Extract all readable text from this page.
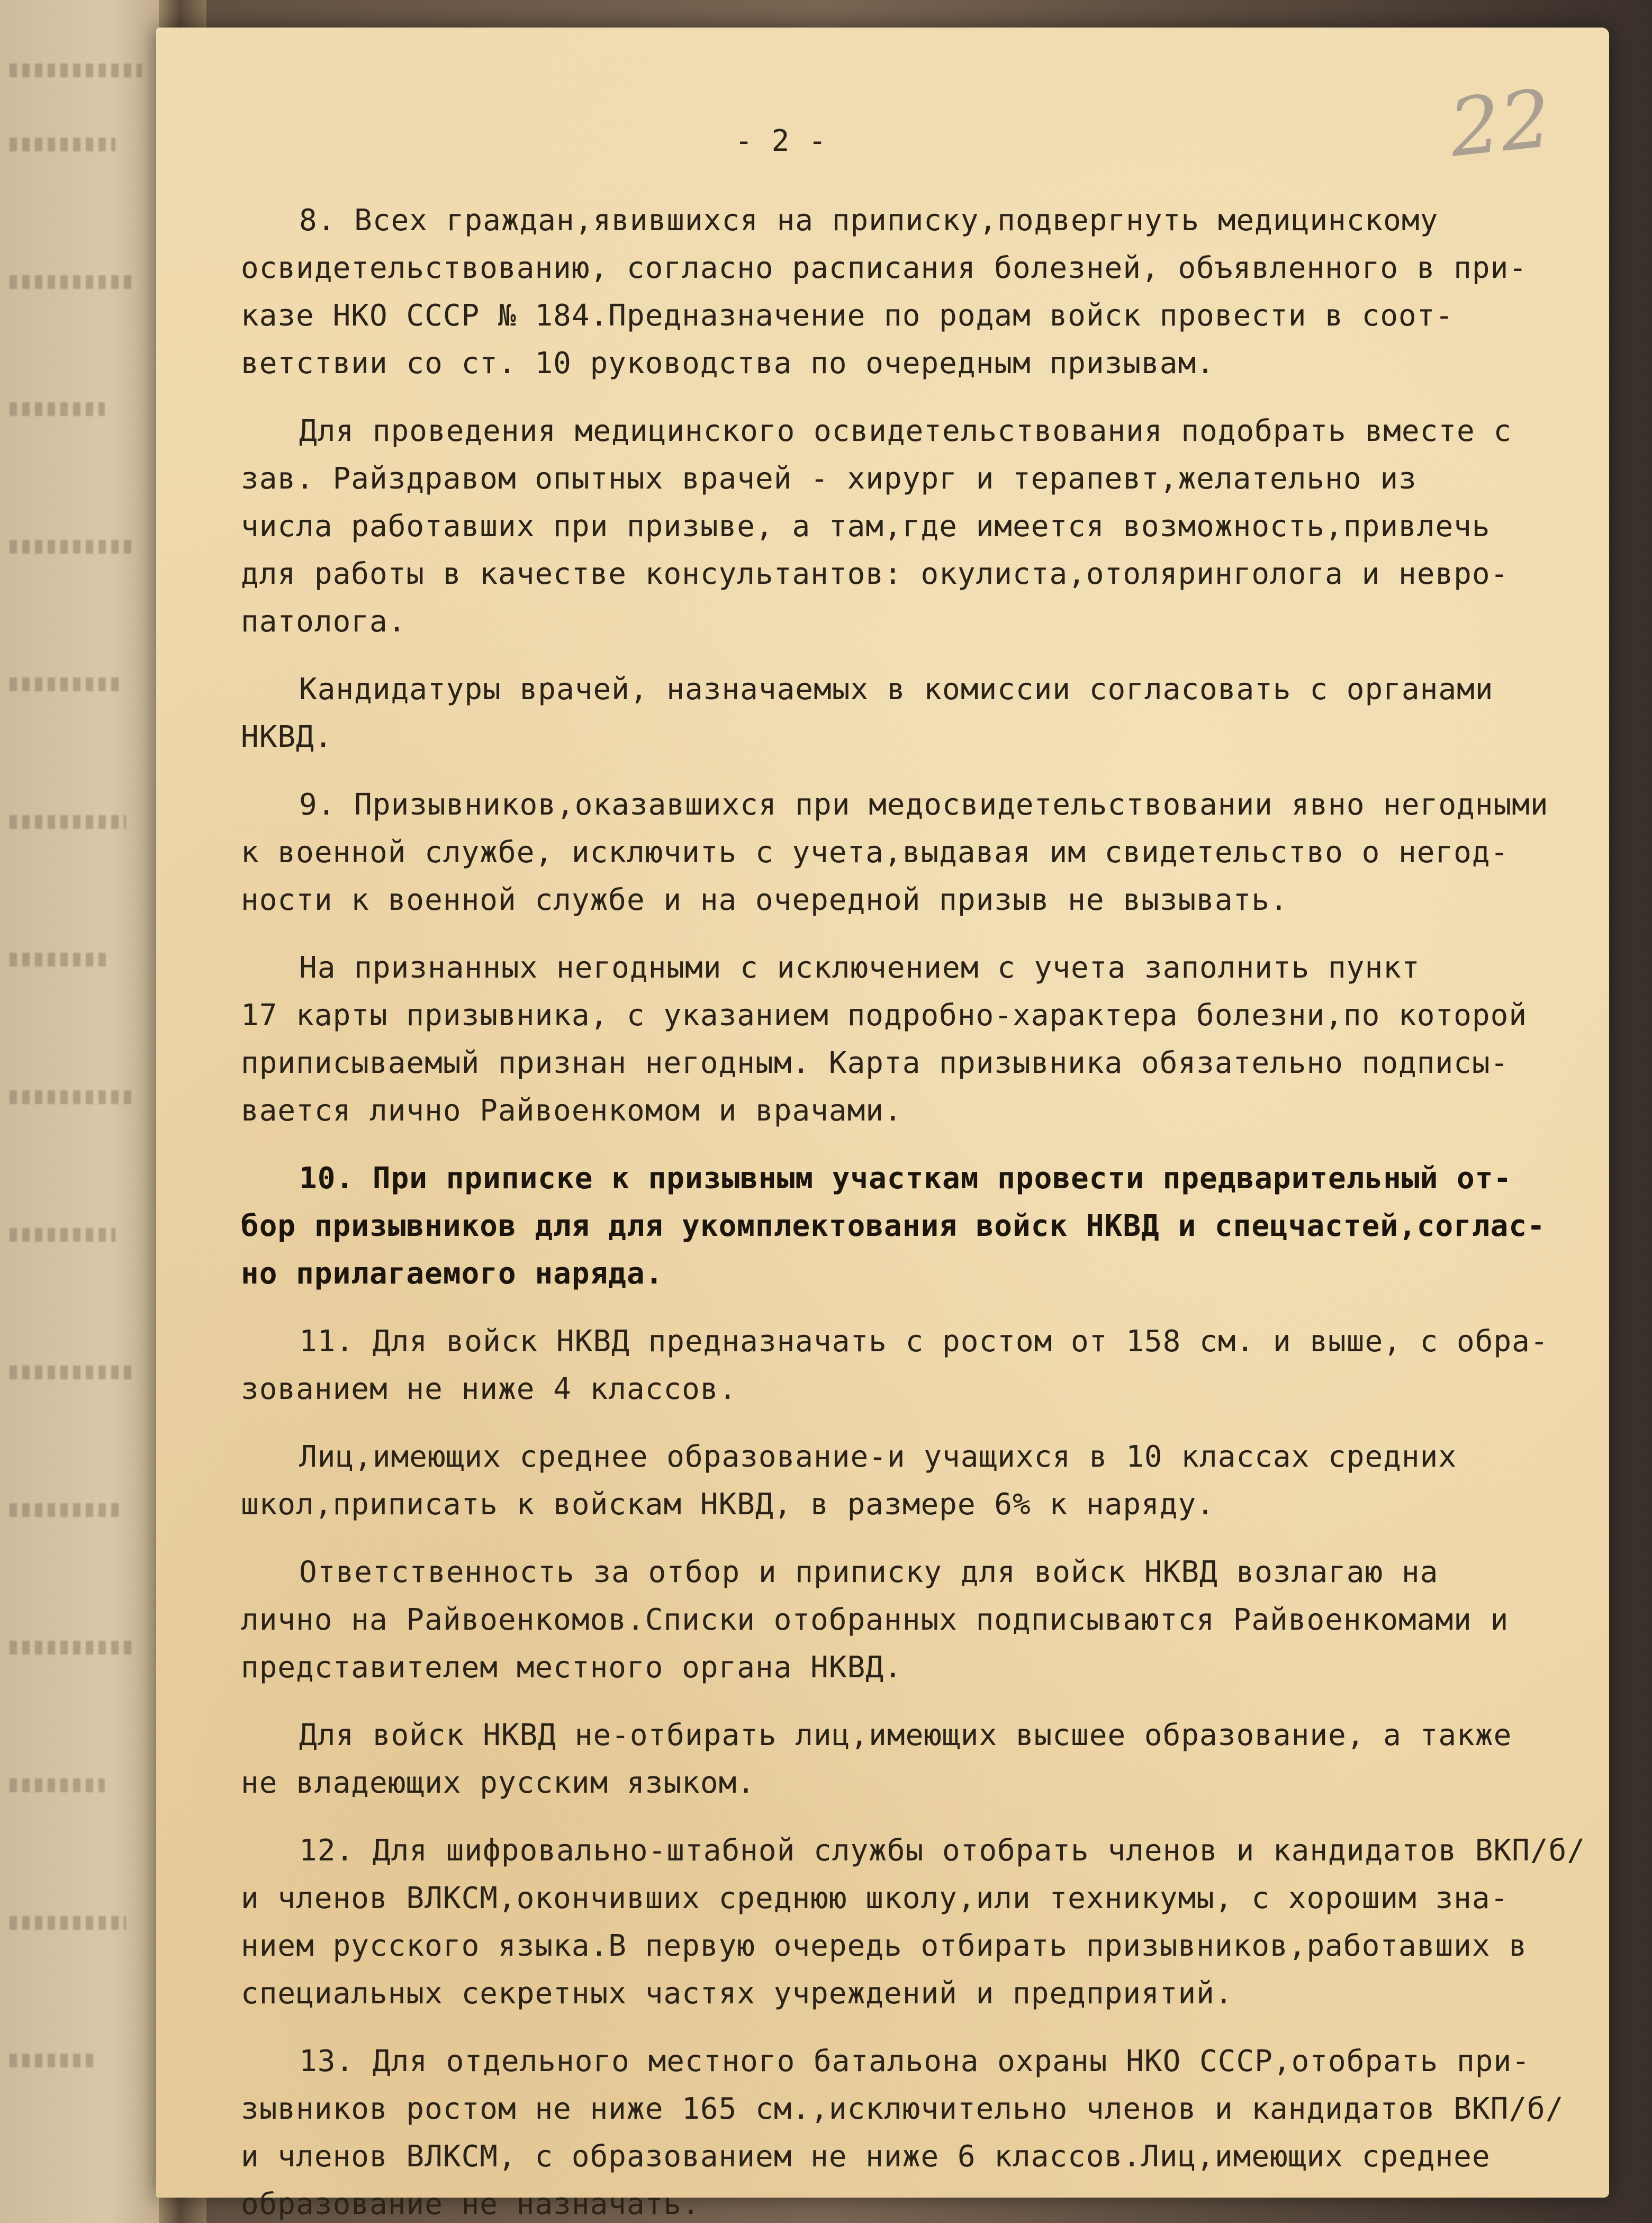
22
- 2 -
8. Всех граждан,явившихся на приписку,подвергнуть медицинскому
освидетельствованию, согласно расписания болезней, объявленного в при-
казе НКО СССР № 184.Предназначение по родам войск провести в соот-
ветствии со ст. 10 руководства по очередным призывам.
Для проведения медицинского освидетельствования подобрать вместе с
зав. Райздравом опытных врачей - хирург и терапевт,желательно из
числа работавших при призыве, а там,где имеется возможность,привлечь
для работы в качестве консультантов: окулиста,отоляринголога и невро-
патолога.
Кандидатуры врачей, назначаемых в комиссии согласовать с органами
НКВД.
9. Призывников,оказавшихся при медосвидетельствовании явно негодными
к военной службе, исключить с учета,выдавая им свидетельство о негод-
ности к военной службе и на очередной призыв не вызывать.
На признанных негодными с исключением с учета заполнить пункт
17 карты призывника, с указанием подробно-характера болезни,по которой
приписываемый признан негодным. Карта призывника обязательно подписы-
вается лично Райвоенкомом и врачами.
10. При приписке к призывным участкам провести предварительный от-
бор призывников для для укомплектования войск НКВД и спецчастей,соглас-
но прилагаемого наряда.
11. Для войск НКВД предназначать с ростом от 158 см. и выше, с обра-
зованием не ниже 4 классов.
Лиц,имеющих среднее образование-и учащихся в 10 классах средних
школ,приписать к войскам НКВД, в размере 6% к наряду.
Ответственность за отбор и приписку для войск НКВД возлагаю на
лично на Райвоенкомов.Списки отобранных подписываются Райвоенкомами и
представителем местного органа НКВД.
Для войск НКВД не-отбирать лиц,имеющих высшее образование, а также
не владеющих русским языком.
12. Для шифровально-штабной службы отобрать членов и кандидатов ВКП/б/
и членов ВЛКСМ,окончивших среднюю школу,или техникумы, с хорошим зна-
нием русского языка.В первую очередь отбирать призывников,работавших в
специальных секретных частях учреждений и предприятий.
13. Для отдельного местного батальона охраны НКО СССР,отобрать при-
зывников ростом не ниже 165 см.,исключительно членов и кандидатов ВКП/б/
и членов ВЛКСМ, с образованием не ниже 6 классов.Лиц,имеющих среднее
образование не назначать.
